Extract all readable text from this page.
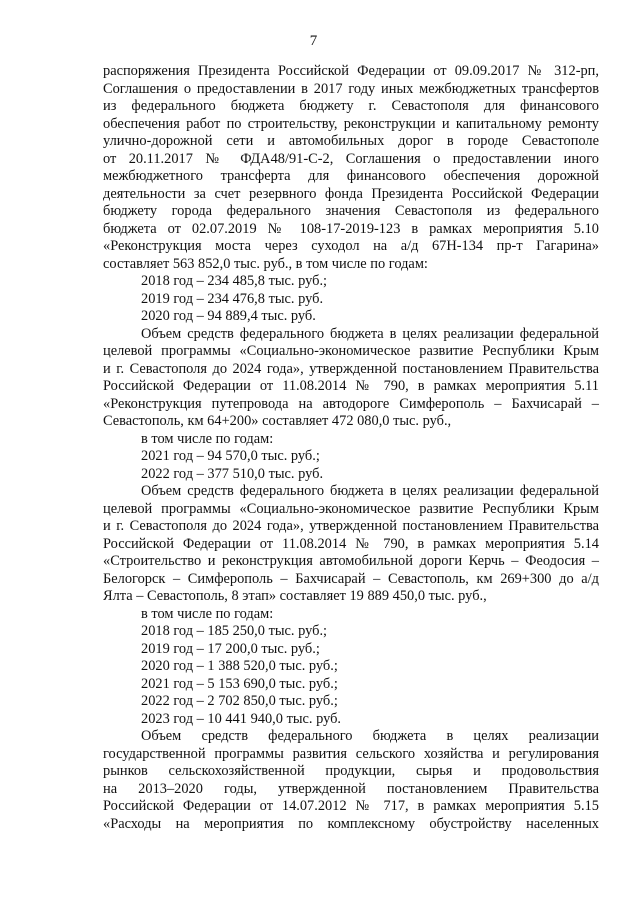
7
распоряжения Президента Российской Федерации от 09.09.2017 № 312-рп,
Соглашения о предоставлении в 2017 году иных межбюджетных трансфертов
из федерального бюджета бюджету г. Севастополя для финансового
обеспечения работ по строительству, реконструкции и капитальному ремонту
улично-дорожной сети и автомобильных дорог в городе Севастополе
от 20.11.2017 № ФДА48/91-С-2, Соглашения о предоставлении иного
межбюджетного трансферта для финансового обеспечения дорожной
деятельности за счет резервного фонда Президента Российской Федерации
бюджету города федерального значения Севастополя из федерального
бюджета от 02.07.2019 № 108-17-2019-123 в рамках мероприятия 5.10
«Реконструкция моста через суходол на а/д 67Н-134 пр-т Гагарина»
составляет 563 852,0 тыс. руб., в том числе по годам:
2018 год – 234 485,8 тыс. руб.;
2019 год – 234 476,8 тыс. руб.
2020 год – 94 889,4 тыс. руб.
Объем средств федерального бюджета в целях реализации федеральной
целевой программы «Социально-экономическое развитие Республики Крым
и г. Севастополя до 2024 года», утвержденной постановлением Правительства
Российской Федерации от 11.08.2014 № 790, в рамках мероприятия 5.11
«Реконструкция путепровода на автодороге Симферополь – Бахчисарай –
Севастополь, км 64+200» составляет 472 080,0 тыс. руб.,
в том числе по годам:
2021 год – 94 570,0 тыс. руб.;
2022 год – 377 510,0 тыс. руб.
Объем средств федерального бюджета в целях реализации федеральной
целевой программы «Социально-экономическое развитие Республики Крым
и г. Севастополя до 2024 года», утвержденной постановлением Правительства
Российской Федерации от 11.08.2014 № 790, в рамках мероприятия 5.14
«Строительство и реконструкция автомобильной дороги Керчь – Феодосия –
Белогорск – Симферополь – Бахчисарай – Севастополь, км 269+300 до а/д
Ялта – Севастополь, 8 этап» составляет 19 889 450,0 тыс. руб.,
в том числе по годам:
2018 год – 185 250,0 тыс. руб.;
2019 год – 17 200,0 тыс. руб.;
2020 год – 1 388 520,0 тыс. руб.;
2021 год – 5 153 690,0 тыс. руб.;
2022 год – 2 702 850,0 тыс. руб.;
2023 год – 10 441 940,0 тыс. руб.
Объем средств федерального бюджета в целях реализации
государственной программы развития сельского хозяйства и регулирования
рынков сельскохозяйственной продукции, сырья и продовольствия
на 2013–2020 годы, утвержденной постановлением Правительства
Российской Федерации от 14.07.2012 № 717, в рамках мероприятия 5.15
«Расходы на мероприятия по комплексному обустройству населенных
